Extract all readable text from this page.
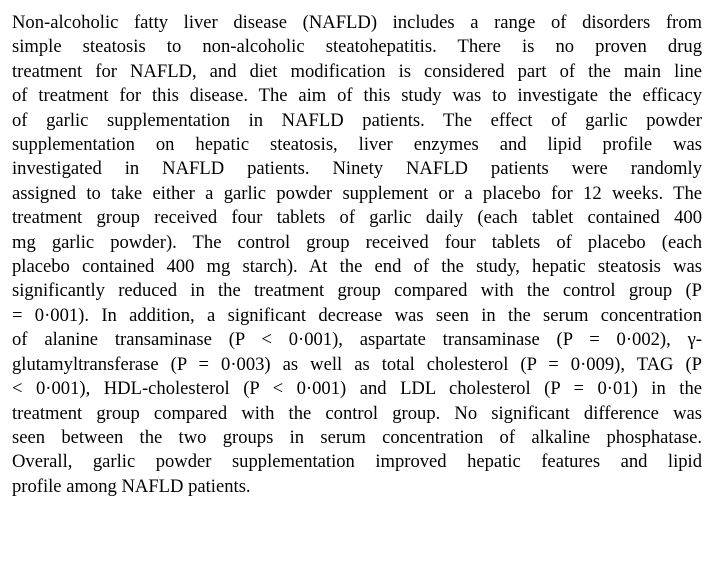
Non-alcoholic fatty liver disease (NAFLD) includes a range of disorders from
simple steatosis to non-alcoholic steatohepatitis. There is no proven drug
treatment for NAFLD, and diet modification is considered part of the main line
of treatment for this disease. The aim of this study was to investigate the efficacy
of garlic supplementation in NAFLD patients. The effect of garlic powder
supplementation on hepatic steatosis, liver enzymes and lipid profile was
investigated in NAFLD patients. Ninety NAFLD patients were randomly
assigned to take either a garlic powder supplement or a placebo for 12 weeks. The
treatment group received four tablets of garlic daily (each tablet contained 400
mg garlic powder). The control group received four tablets of placebo (each
placebo contained 400 mg starch). At the end of the study, hepatic steatosis was
significantly reduced in the treatment group compared with the control group (P
= 0·001). In addition, a significant decrease was seen in the serum concentration
of alanine transaminase (P < 0·001), aspartate transaminase (P = 0·002), γ-
glutamyltransferase (P = 0·003) as well as total cholesterol (P = 0·009), TAG (P
< 0·001), HDL-cholesterol (P < 0·001) and LDL cholesterol (P = 0·01) in the
treatment group compared with the control group. No significant difference was
seen between the two groups in serum concentration of alkaline phosphatase.
Overall, garlic powder supplementation improved hepatic features and lipid
profile among NAFLD patients.
